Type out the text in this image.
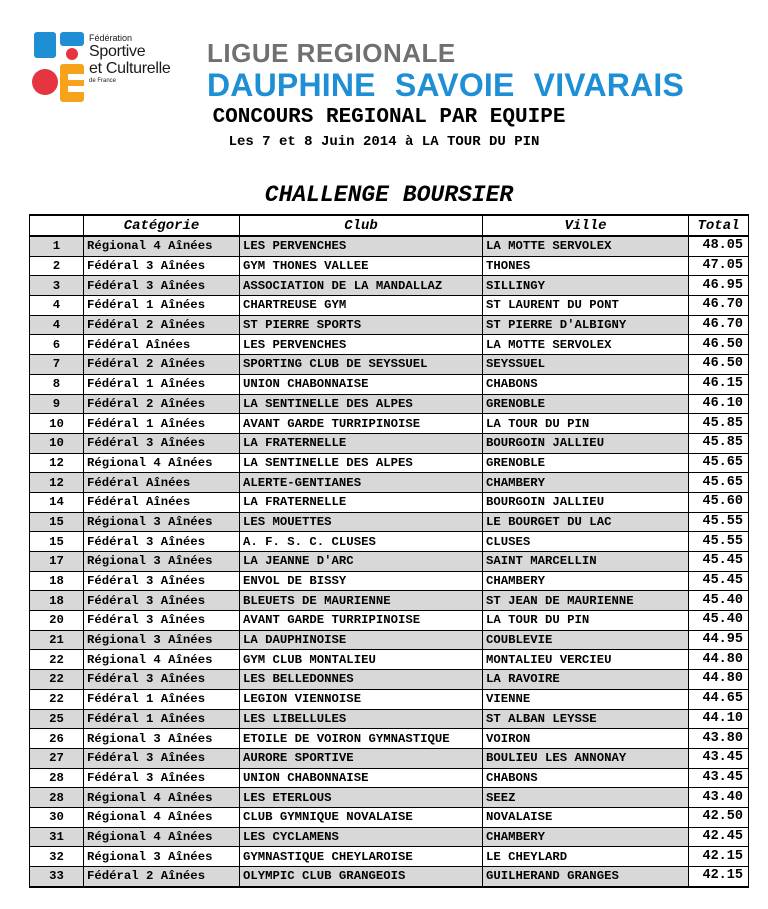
Fédération
Sportive
et Culturelle
de France
LIGUE REGIONALE
DAUPHINE SAVOIE VIVARAIS
CONCOURS REGIONAL PAR EQUIPE
Les 7 et 8 Juin 2014 à LA TOUR DU PIN
CHALLENGE BOURSIER
	Catégorie	Club	Ville	Total
1	Régional 4 Aînées	LES PERVENCHES	LA MOTTE SERVOLEX	48.05
2	Fédéral 3 Aînées	GYM THONES VALLEE	THONES	47.05
3	Fédéral 3 Aînées	ASSOCIATION DE LA MANDALLAZ	SILLINGY	46.95
4	Fédéral 1 Aînées	CHARTREUSE GYM	ST LAURENT DU PONT	46.70
4	Fédéral 2 Aînées	ST PIERRE SPORTS	ST PIERRE D'ALBIGNY	46.70
6	Fédéral Aînées	LES PERVENCHES	LA MOTTE SERVOLEX	46.50
7	Fédéral 2 Aînées	SPORTING CLUB DE SEYSSUEL	SEYSSUEL	46.50
8	Fédéral 1 Aînées	UNION CHABONNAISE	CHABONS	46.15
9	Fédéral 2 Aînées	LA SENTINELLE DES ALPES	GRENOBLE	46.10
10	Fédéral 1 Aînées	AVANT GARDE TURRIPINOISE	LA TOUR DU PIN	45.85
10	Fédéral 3 Aînées	LA FRATERNELLE	BOURGOIN JALLIEU	45.85
12	Régional 4 Aînées	LA SENTINELLE DES ALPES	GRENOBLE	45.65
12	Fédéral Aînées	ALERTE-GENTIANES	CHAMBERY	45.65
14	Fédéral Aînées	LA FRATERNELLE	BOURGOIN JALLIEU	45.60
15	Régional 3 Aînées	LES MOUETTES	LE BOURGET DU LAC	45.55
15	Fédéral 3 Aînées	A. F. S. C. CLUSES	CLUSES	45.55
17	Régional 3 Aînées	LA JEANNE D'ARC	SAINT MARCELLIN	45.45
18	Fédéral 3 Aînées	ENVOL DE BISSY	CHAMBERY	45.45
18	Fédéral 3 Aînées	BLEUETS DE MAURIENNE	ST JEAN DE MAURIENNE	45.40
20	Fédéral 3 Aînées	AVANT GARDE TURRIPINOISE	LA TOUR DU PIN	45.40
21	Régional 3 Aînées	LA DAUPHINOISE	COUBLEVIE	44.95
22	Régional 4 Aînées	GYM CLUB MONTALIEU	MONTALIEU VERCIEU	44.80
22	Fédéral 3 Aînées	LES BELLEDONNES	LA RAVOIRE	44.80
22	Fédéral 1 Aînées	LEGION VIENNOISE	VIENNE	44.65
25	Fédéral 1 Aînées	LES LIBELLULES	ST ALBAN LEYSSE	44.10
26	Régional 3 Aînées	ETOILE DE VOIRON GYMNASTIQUE	VOIRON	43.80
27	Fédéral 3 Aînées	AURORE SPORTIVE	BOULIEU LES ANNONAY	43.45
28	Fédéral 3 Aînées	UNION CHABONNAISE	CHABONS	43.45
28	Régional 4 Aînées	LES ETERLOUS	SEEZ	43.40
30	Régional 4 Aînées	CLUB GYMNIQUE NOVALAISE	NOVALAISE	42.50
31	Régional 4 Aînées	LES CYCLAMENS	CHAMBERY	42.45
32	Régional 3 Aînées	GYMNASTIQUE CHEYLAROISE	LE CHEYLARD	42.15
33	Fédéral 2 Aînées	OLYMPIC CLUB GRANGEOIS	GUILHERAND GRANGES	42.15
